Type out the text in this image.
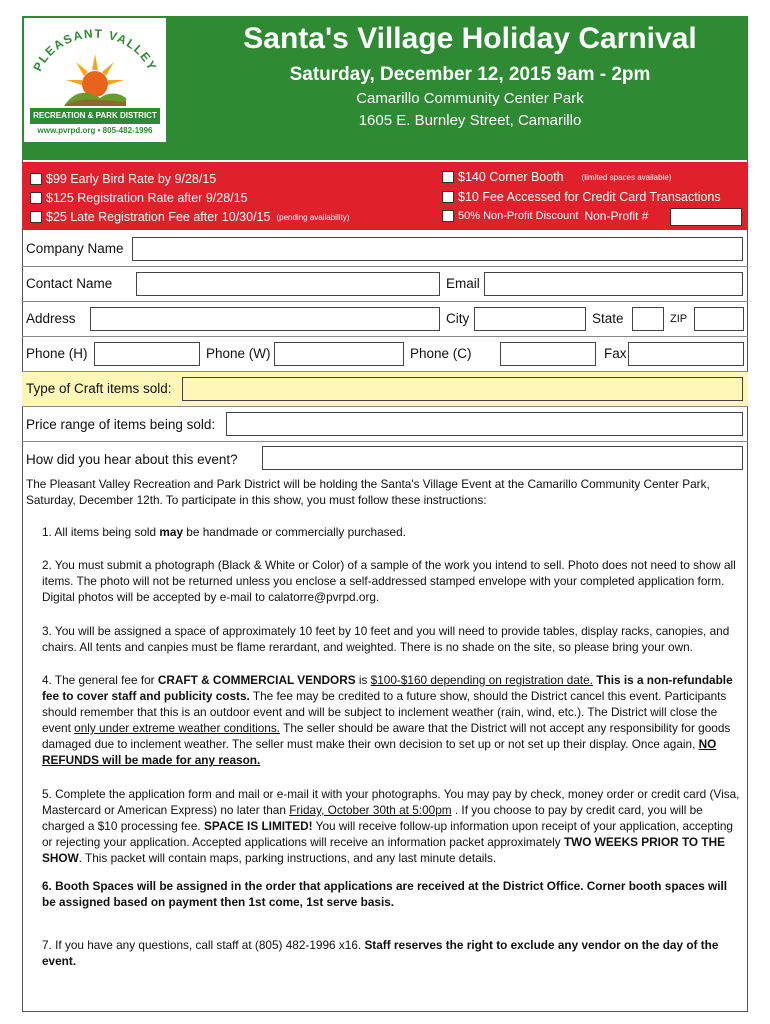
PLEASANT VALLEY
RECREATION & PARK DISTRICT
www.pvrpd.org • 805-482-1996
Santa's Village Holiday Carnival
Saturday, December 12, 2015 9am - 2pm
Camarillo Community Center Park
1605 E. Burnley Street, Camarillo
Craft & Commercial Vendor Application
$99 Early Bird Rate by 9/28/15
$125 Registration Rate after 9/28/15
$25 Late Registration Fee after 10/30/15 (pending availability)
$140 Corner Booth (limited spaces available)
$10 Fee Accessed for Credit Card Transactions
50% Non-Profit Discount Non-Profit #
Company Name
Contact Name	Email
Address	City	State	ZIP
Phone (H)	Phone (W)	Phone (C)	Fax
Type of Craft items sold:
Price range of items being sold:
How did you hear about this event?
The Pleasant Valley Recreation and Park District will be holding the Santa's Village Event at the Camarillo Community Center Park, Saturday, December 12th. To participate in this show, you must follow these instructions:
1. All items being sold may be handmade or commercially purchased.
2. You must submit a photograph (Black & White or Color) of a sample of the work you intend to sell. Photo does not need to show all items. The photo will not be returned unless you enclose a self-addressed stamped envelope with your completed application form. Digital photos will be accepted by e-mail to calatorre@pvrpd.org.
3. You will be assigned a space of approximately 10 feet by 10 feet and you will need to provide tables, display racks, canopies, and chairs. All tents and canpies must be flame rerardant, and weighted. There is no shade on the site, so please bring your own.
4. The general fee for CRAFT & COMMERCIAL VENDORS is $100-$160 depending on registration date. This is a non-refundable fee to cover staff and publicity costs. The fee may be credited to a future show, should the District cancel this event. Participants should remember that this is an outdoor event and will be subject to inclement weather (rain, wind, etc.). The District will close the event only under extreme weather conditions. The seller should be aware that the District will not accept any responsibility for goods damaged due to inclement weather. The seller must make their own decision to set up or not set up their display. Once again, NO REFUNDS will be made for any reason.
5. Complete the application form and mail or e-mail it with your photographs. You may pay by check, money order or credit card (Visa, Mastercard or American Express) no later than Friday, October 30th at 5:00pm . If you choose to pay by credit card, you will be charged a $10 processing fee. SPACE IS LIMITED! You will receive follow-up information upon receipt of your application, accepting or rejecting your application. Accepted applications will receive an information packet approximately TWO WEEKS PRIOR TO THE SHOW. This packet will contain maps, parking instructions, and any last minute details.
6. Booth Spaces will be assigned in the order that applications are received at the District Office. Corner booth spaces will be assigned based on payment then 1st come, 1st serve basis.
7. If you have any questions, call staff at (805) 482-1996 x16. Staff reserves the right to exclude any vendor on the day of the event.
